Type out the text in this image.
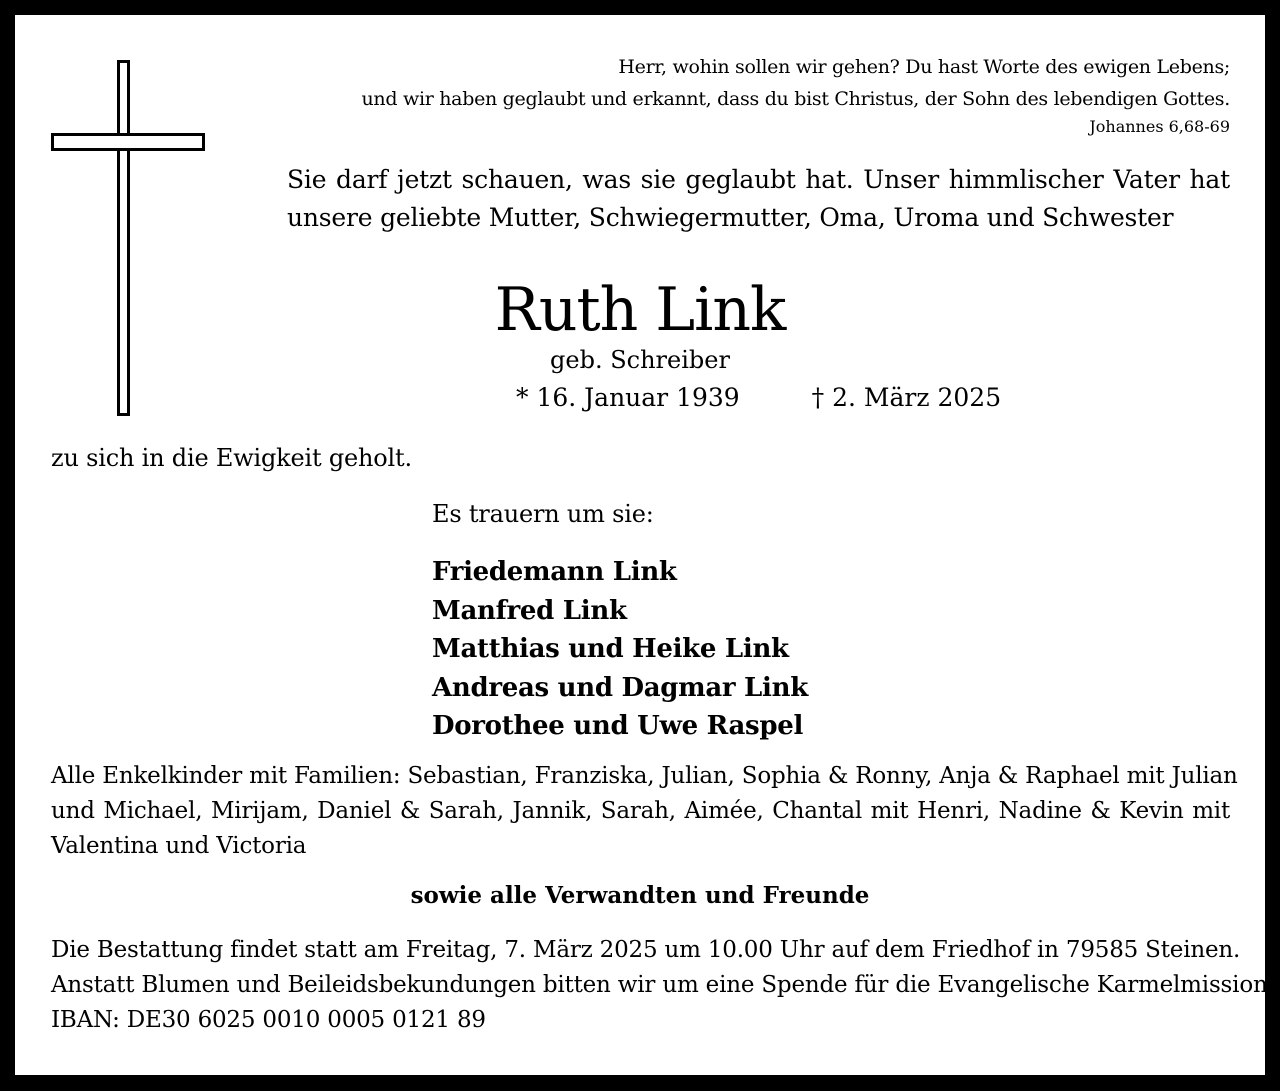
Herr, wohin sollen wir gehen? Du hast Worte des ewigen Lebens;
und wir haben geglaubt und erkannt, dass du bist Christus, der Sohn des lebendigen Gottes.
Johannes 6,68-69
Sie darf jetzt schauen, was sie geglaubt hat. Unser himmlischer Vater hat
unsere geliebte Mutter, Schwiegermutter, Oma, Uroma und Schwester
Ruth Link
geb. Schreiber
* 16. Januar 1939	† 2. März 2025
zu sich in die Ewigkeit geholt.
Es trauern um sie:
Friedemann Link
Manfred Link
Matthias und Heike Link
Andreas und Dagmar Link
Dorothee und Uwe Raspel
Alle Enkelkinder mit Familien: Sebastian, Franziska, Julian, Sophia & Ronny, Anja & Raphael mit Julian
und Michael, Mirijam, Daniel & Sarah, Jannik, Sarah, Aimée, Chantal mit Henri, Nadine & Kevin mit
Valentina und Victoria
sowie alle Verwandten und Freunde
Die Bestattung findet statt am Freitag, 7. März 2025 um 10.00 Uhr auf dem Friedhof in 79585 Steinen.
Anstatt Blumen und Beileidsbekundungen bitten wir um eine Spende für die Evangelische Karmelmission.
IBAN: DE30 6025 0010 0005 0121 89
